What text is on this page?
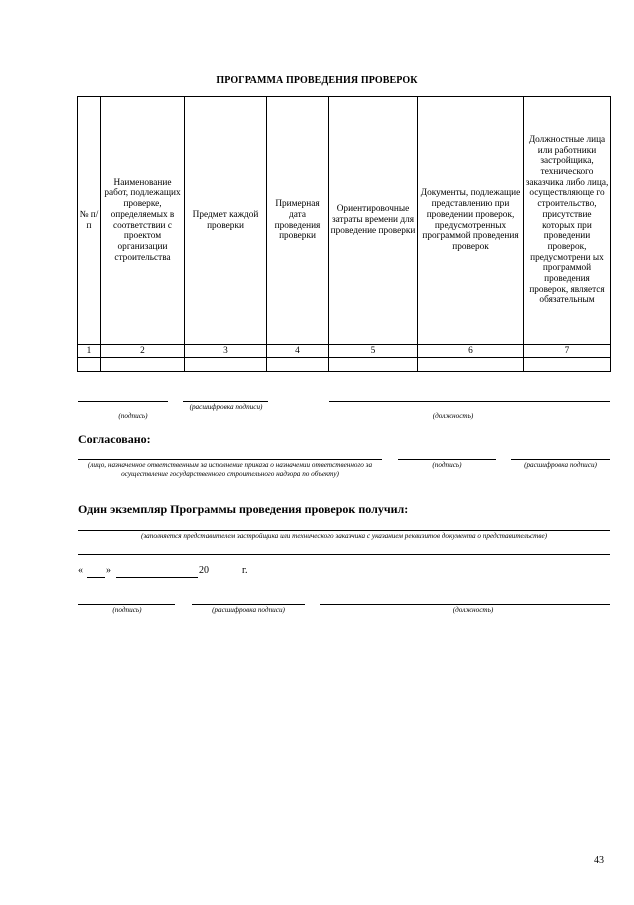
ПРОГРАММА ПРОВЕДЕНИЯ ПРОВЕРОК
№ п/п	Наименование работ, подлежащих проверке, определяемых в соответствии с проектом организации строительства	Предмет каждой проверки	Примерная дата проведения проверки	Ориентировочные затраты времени для проведение проверки	Документы, подлежащие представлению при проведении проверок, предусмотренных программой проведения проверок	Должностные лица или работники застройщика, технического заказчика либо лица, осуществляюще го строительство, присутствие которых при проведении проверок, предусмотрени ых программой проведения проверок, является обязательным
1	2	3	4	5	6	7

(подпись)
(расшифровка подписи)
(должность)
Согласовано:
(лицо, назначенное ответственным за исполнение приказа о назначении ответственного за осуществление государственного строительного надзора по объекту)
(подпись)	(расшифровка подписи)
Один экземпляр Программы проведения проверок получил:
(заполняется представителем застройщика или технического заказчика с указанием реквизитов документа о представительстве)
« »	20	г.
(подпись)	(расшифровка подписи)	(должность)
43
